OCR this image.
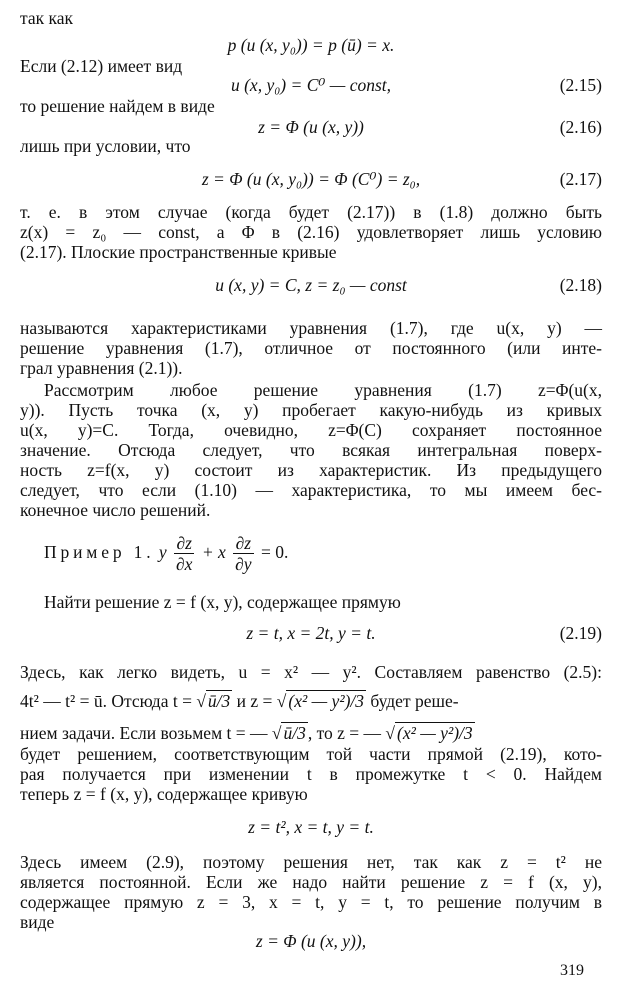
так как
p (u (x, y₀)) = p (ū) = x.
Если (2.12) имеет вид
u (x, y₀) = C⁰ — const,	(2.15)
то решение найдем в виде
z = Φ (u (x, y))	(2.16)
лишь при условии, что
z = Φ (u (x, y₀)) = Φ (C⁰) = z₀,	(2.17)
т. е. в этом случае (когда будет (2.17)) в (1.8) должно быть
z(x) = z₀ — const, а Φ в (2.16) удовлетворяет лишь условию
(2.17). Плоские пространственные кривые
u (x, y) = C, z = z₀ — const	(2.18)
называются характеристиками уравнения (1.7), где u(x, y) —
решение уравнения (1.7), отличное от постоянного (или инте-
грал уравнения (2.1)).
Рассмотрим любое решение уравнения (1.7) z=Φ(u(x,
y)). Пусть точка (x, y) пробегает какую-нибудь из кривых
u(x, y)=C. Тогда, очевидно, z=Φ(C) сохраняет постоянное
значение. Отсюда следует, что всякая интегральная поверх-
ность z=f(x, y) состоит из характеристик. Из предыдущего
следует, что если (1.10) — характеристика, то мы имеем бес-
конечное число решений.
Пример 1. y $\frac{\partial z}{\partial x} + x \frac{\partial z}{\partial y} = 0$.
Найти решение z = f (x, y), содержащее прямую
z = t, x = 2t, y = t.	(2.19)
Здесь, как легко видеть, u = x² — y². Составляем равенство (2.5):
4t² — t² = ū. Отсюда t = √ ū/3 и z = √ (x² — y²)/3 будет реше-
нием задачи. Если возьмем t = — √ ū/3 , то z = — √ (x² — y²)/3
будет решением, соответствующим той части прямой (2.19), кото-
рая получается при изменении t в промежутке t < 0. Найдем
теперь z = f (x, y), содержащее кривую
z = t², x = t, y = t.
Здесь имеем (2.9), поэтому решения нет, так как z = t² не
является постоянной. Если же надо найти решение z = f (x, y),
содержащее прямую z = 3, x = t, y = t, то решение получим в
виде
z = Φ (u (x, y)),
319
